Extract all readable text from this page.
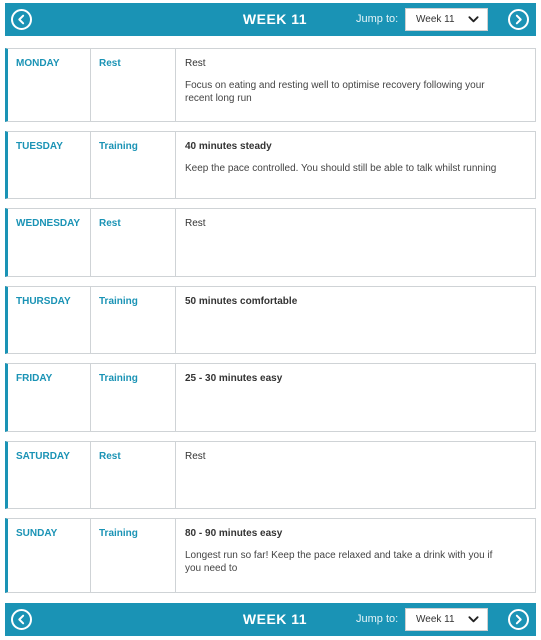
WEEK 11	Jump to: Week 11
MONDAY	Rest	Rest

Focus on eating and resting well to optimise recovery following your recent long run

TUESDAY	Training	40 minutes steady

Keep the pace controlled. You should still be able to talk whilst running

WEDNESDAY Rest	Rest
THURSDAY	Training	50 minutes comfortable
FRIDAY	Training	25 - 30 minutes easy
SATURDAY	Rest	Rest
SUNDAY	Training	80 - 90 minutes easy

Longest run so far! Keep the pace relaxed and take a drink with you if you need to

WEEK 11	Jump to: Week 11
